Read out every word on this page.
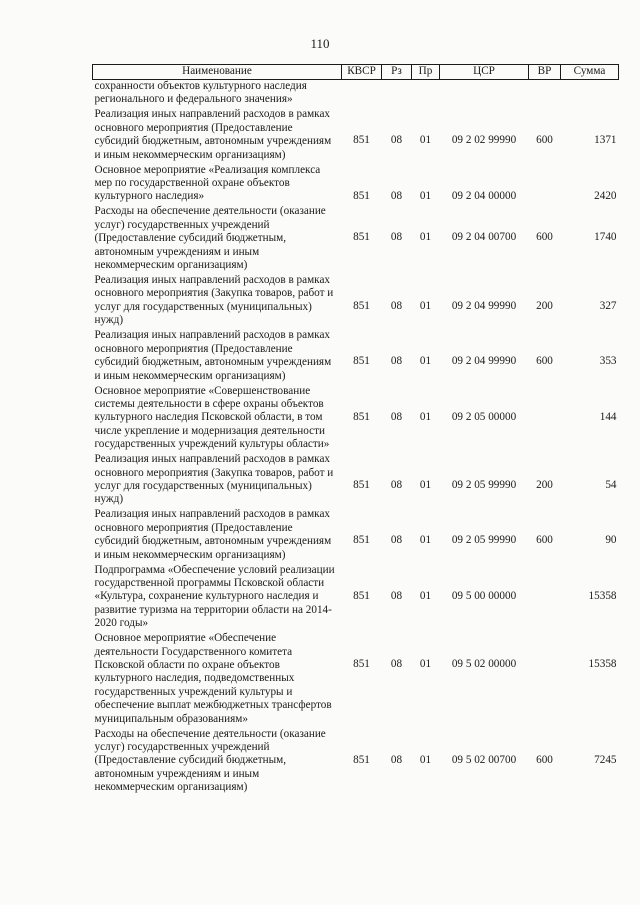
110
Наименование	КВСР	Рз	Пр	ЦСР	ВР	Сумма
сохранности объектов культурного наследия регионального и федерального значения»						
Реализация иных направлений расходов в рамках основного мероприятия (Предоставление субсидий бюджетным, автономным учреждениям и иным некоммерческим организациям)	851	08	01	09 2 02 99990	600	1371
Основное мероприятие «Реализация комплекса мер по государственной охране объектов культурного наследия»	851	08	01	09 2 04 00000		2420
Расходы на обеспечение деятельности (оказание услуг) государственных учреждений (Предоставление субсидий бюджетным, автономным учреждениям и иным некоммерческим организациям)	851	08	01	09 2 04 00700	600	1740
Реализация иных направлений расходов в рамках основного мероприятия (Закупка товаров, работ и услуг для государственных (муниципальных) нужд)	851	08	01	09 2 04 99990	200	327
Реализация иных направлений расходов в рамках основного мероприятия (Предоставление субсидий бюджетным, автономным учреждениям и иным некоммерческим организациям)	851	08	01	09 2 04 99990	600	353
Основное мероприятие «Совершенствование системы деятельности в сфере охраны объектов культурного наследия Псковской области, в том числе укрепление и модернизация деятельности государственных учреждений культуры области»	851	08	01	09 2 05 00000		144
Реализация иных направлений расходов в рамках основного мероприятия (Закупка товаров, работ и услуг для государственных (муниципальных) нужд)	851	08	01	09 2 05 99990	200	54
Реализация иных направлений расходов в рамках основного мероприятия (Предоставление субсидий бюджетным, автономным учреждениям и иным некоммерческим организациям)	851	08	01	09 2 05 99990	600	90
Подпрограмма «Обеспечение условий реализации государственной программы Псковской области «Культура, сохранение культурного наследия и развитие туризма на территории области на 2014-2020 годы»	851	08	01	09 5 00 00000		15358
Основное мероприятие «Обеспечение деятельности Государственного комитета Псковской области по охране объектов культурного наследия, подведомственных государственных учреждений культуры и обеспечение выплат межбюджетных трансфертов муниципальным образованиям»	851	08	01	09 5 02 00000		15358
Расходы на обеспечение деятельности (оказание услуг) государственных учреждений (Предоставление субсидий бюджетным, автономным учреждениям и иным некоммерческим организациям)	851	08	01	09 5 02 00700	600	7245
